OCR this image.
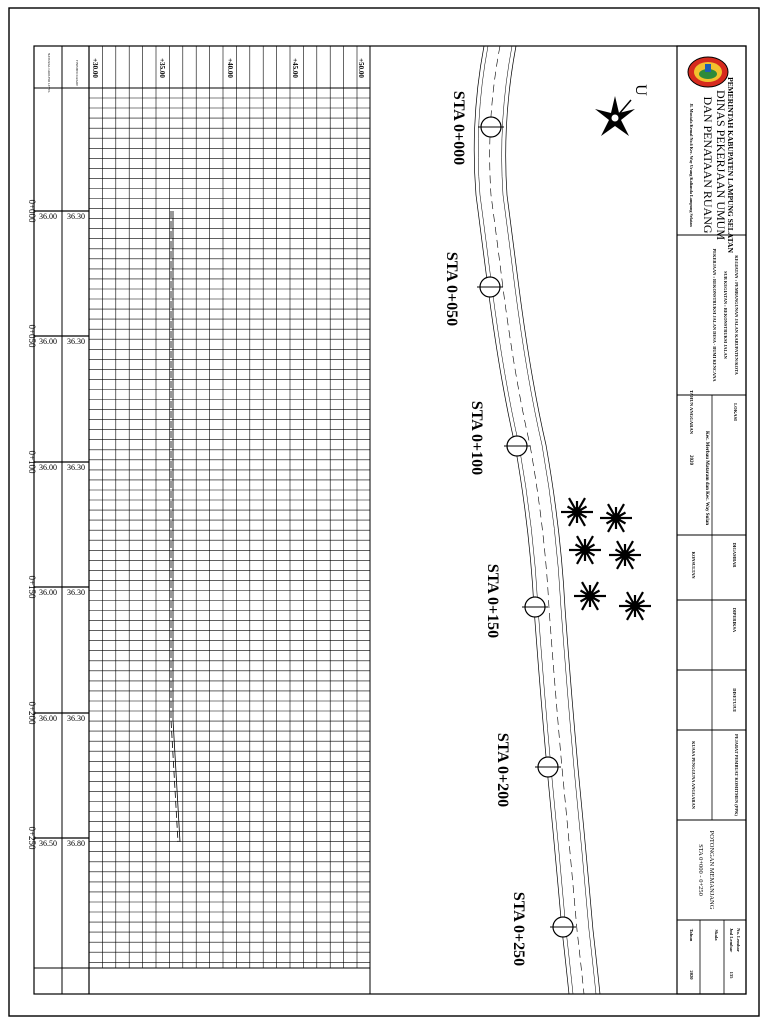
NATURAL GROUND LEVEL	FINISHED GRADE +30.00	+35.00	+40.00	+45.00	+50.00
0+000 36.00 36.30
0+050 36.00 36.30
0+100 36.00 36.30
0+150 36.00 36.30
0+200 36.00 36.30
0+250 36.50 36.80
STA 0+000
STA 0+050
STA 0+100
STA 0+150
STA 0+200
STA 0+250
U	PEMERINTAH KABUPATEN LAMPUNG SELATAN
DINAS PEKERJAAN UMUM
DAN PENATAAN RUANG
Jl. Mustafa Kemal No.6 Kec. Way Urang Kalianda Lampung Selatan
KEGIATAN : PEMBANGUNAN JALAN KABUPATEN/KOTA
SUB KEGIATAN : REKONSTRUKSI JALAN
PEKERJAAN : REKONSTRUKSI JALAN DESA - BUMI KENCANA
LOKASI
Kec. Merbau Mataram dan Kec. Way Sulan
TAHUN ANGGARAN
2020
DIGAMBAR
DIPERIKSA
DISETUJUI
KONSULTAN
PEJABAT PEMBUAT KOMITMEN (PPK)
KUASA PENGGUNA ANGGARAN
POTONGAN MEMANJANG
STA 0+000 - 0+250
No. Lembar
Jml Lembar
Skala
Tahun
135
2020
